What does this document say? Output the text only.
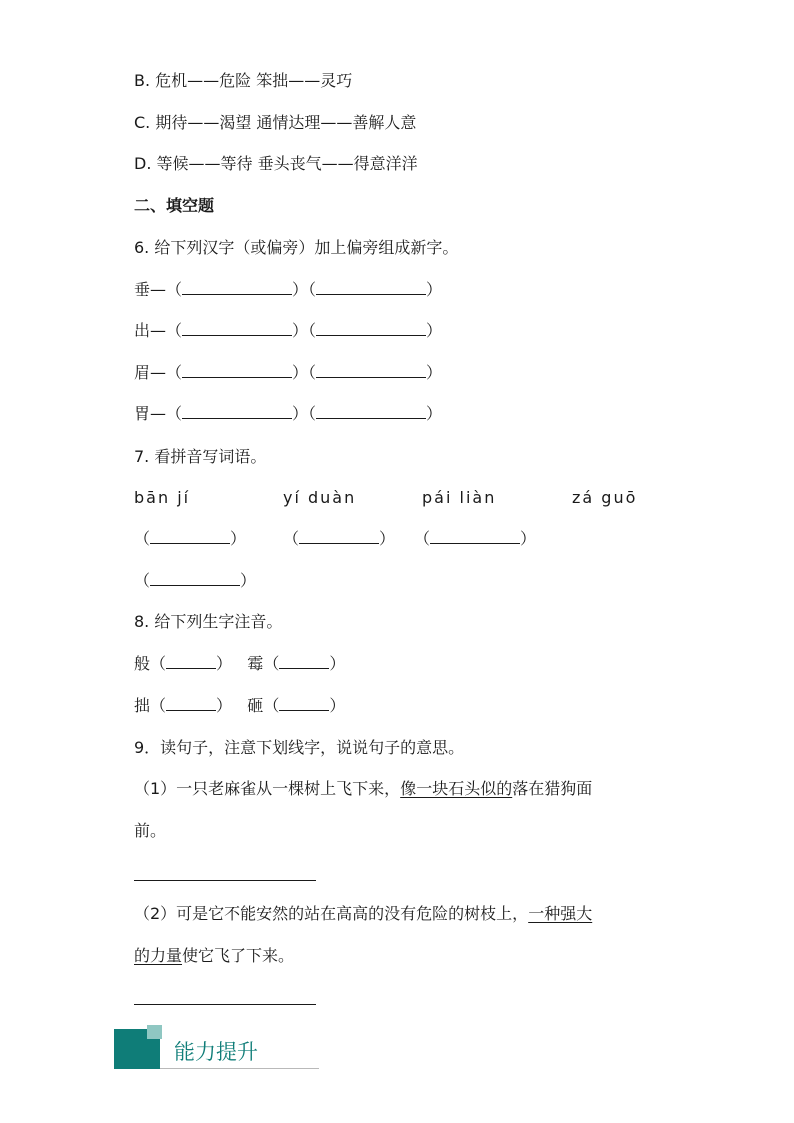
B. 危机——危险 笨拙——灵巧
C. 期待——渴望 通情达理——善解人意
D. 等候——等待 垂头丧气——得意洋洋
二、填空题
6. 给下列汉字（或偏旁）加上偏旁组成新字。
垂—（	）（	）
出—（	）（	）
眉—（	）（	）
胃—（	）（	）
7. 看拼音写词语。
bān jí	yí duàn	pái liàn	zá guō
（	） （	） （	）
（	）
8. 给下列生字注音。
般（	）   霉（	）
拙（	）   砸（	）
9．读句子，注意下划线字，说说句子的意思。
（1）一只老麻雀从一棵树上飞下来，像一块石头似的落在猎狗面
前。
（2）可是它不能安然的站在高高的没有危险的树枝上，一种强大
的力量使它飞了下来。
能力提升
